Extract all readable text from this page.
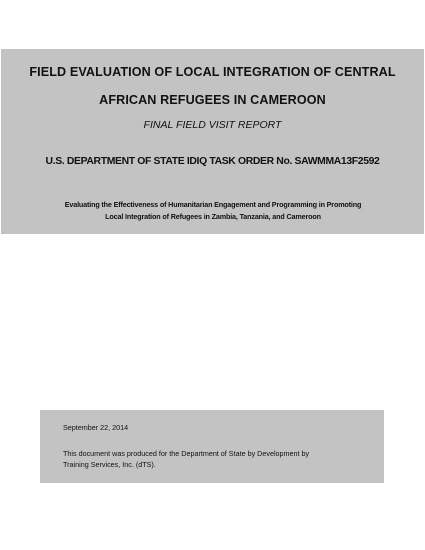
FIELD EVALUATION OF LOCAL INTEGRATION OF CENTRAL
AFRICAN REFUGEES IN CAMEROON
FINAL FIELD VISIT REPORT
U.S. DEPARTMENT OF STATE IDIQ TASK ORDER No. SAWMMA13F2592
Evaluating the Effectiveness of Humanitarian Engagement and Programming in Promoting
Local Integration of Refugees in Zambia, Tanzania, and Cameroon
September 22, 2014
This document was produced for the Department of State by Development by
Training Services, Inc. (dTS).
